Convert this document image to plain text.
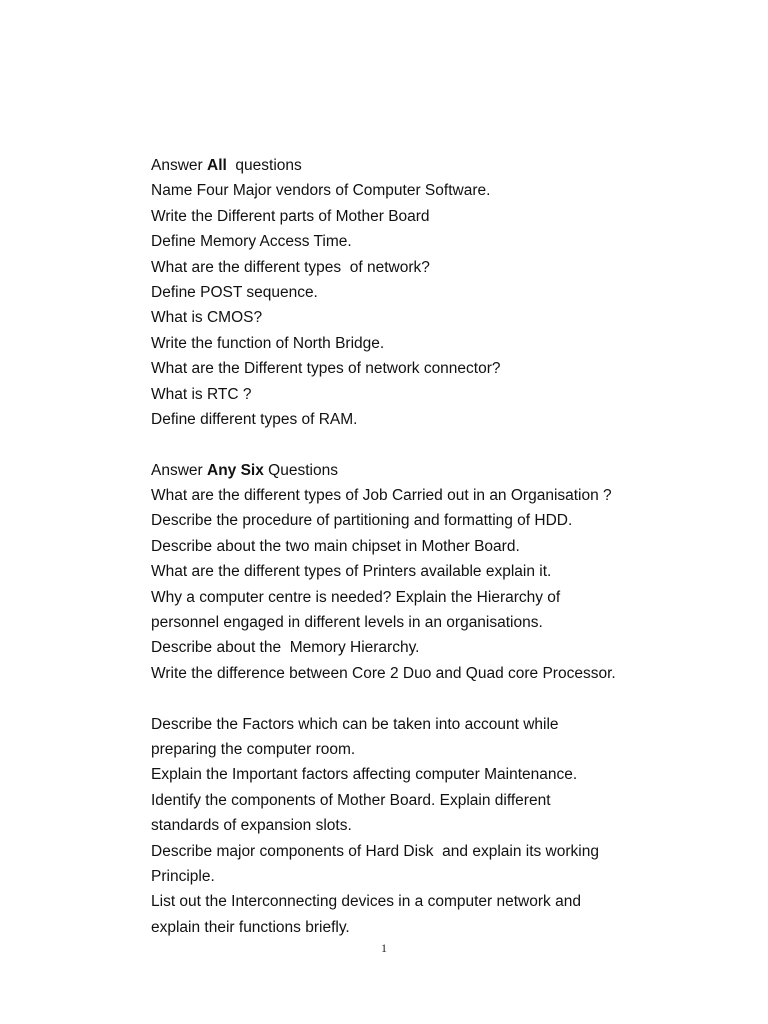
Answer All  questions
Name Four Major vendors of Computer Software.
Write the Different parts of Mother Board
Define Memory Access Time.
What are the different types  of network?
Define POST sequence.
What is CMOS?
Write the function of North Bridge.
What are the Different types of network connector?
What is RTC ?
Define different types of RAM.
Answer Any Six Questions
What are the different types of Job Carried out in an Organisation ?
Describe the procedure of partitioning and formatting of HDD.
Describe about the two main chipset in Mother Board.
What are the different types of Printers available explain it.
Why a computer centre is needed? Explain the Hierarchy of
personnel engaged in different levels in an organisations.
Describe about the  Memory Hierarchy.
Write the difference between Core 2 Duo and Quad core Processor.
Describe the Factors which can be taken into account while
preparing the computer room.
Explain the Important factors affecting computer Maintenance.
Identify the components of Mother Board. Explain different
standards of expansion slots.
Describe major components of Hard Disk  and explain its working
Principle.
List out the Interconnecting devices in a computer network and
explain their functions briefly.
1
